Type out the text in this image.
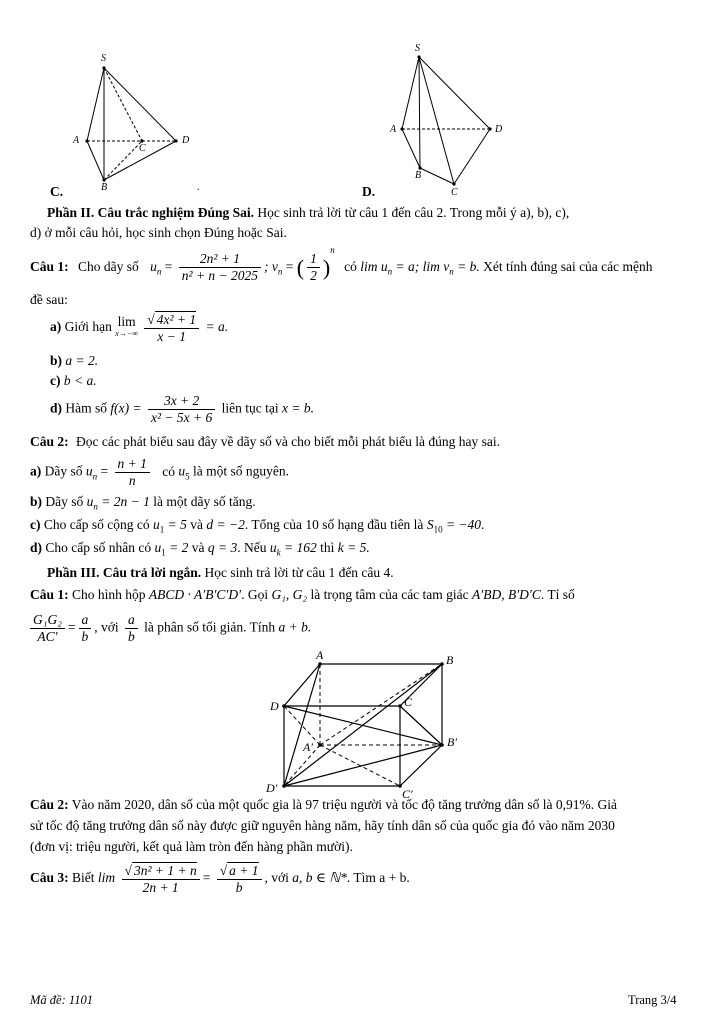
S
A
C
D
B
C.	.
S
A	D
B
C
D.
Phần II. Câu trắc nghiệm Đúng Sai. Học sinh trả lời từ câu 1 đến câu 2. Trong mỗi ý a), b), c),
d) ở mỗi câu hỏi, học sinh chọn Đúng hoặc Sai.
Câu 1: Cho dãy số $u_n = \frac{\text{2n² + 1}}{\text{n² + n − 2025}}$ ; $v_n$ = ( $\frac{1}{2} )^n$ có $\lim u_n = a$; $\lim v_n = b$. Xét tính đúng sai của các mệnh
đề sau:
a) Giới hạn lim
x→−∞
$\frac{\text{√ 4x² + 1}}{x - 1} = a$.
b) a = 2.
c) b < a.
d) Hàm số $f(x) = \frac{3x + 2}{\text{x² − 5x + 6}}$ liên tục tại x = b.
Câu 2: Đọc các phát biểu sau đây về dãy số và cho biết mỗi phát biểu là đúng hay sai.
a) Dãy số $u_n = \frac{n + 1}{n}$ có $u_5$ là một số nguyên.
b) Dãy số $u_n = 2n - 1$ là một dãy số tăng.
c) Cho cấp số cộng có $u_1 = 5$ và d = −2. Tổng của 10 số hạng đầu tiên là $S_{10} = -40$.
d) Cho cấp số nhân có $u_1 = 2$ và q = 3. Nếu $u_k = 162$ thì k = 5.
Phần III. Câu trả lời ngắn. Học sinh trả lời từ câu 1 đến câu 4.
Câu 1: Cho hình hộp ABCD · A′B′C′D′. Gọi G₁, G₂ là trọng tâm của các tam giác A′BD, B′D′C. Tỉ số
$\frac{\text{G₁G₂}}{AC'} = \frac{a}{b}$ , với $\frac{a}{b}$ là phân số tối giản. Tính a + b.
A	B
D	C
A′	B′
D′	C′
Câu 2: Vào năm 2020, dân số của một quốc gia là 97 triệu người và tốc độ tăng trưởng dân số là 0,91%. Giả
sử tốc độ tăng trưởng dân số này được giữ nguyên hàng năm, hãy tính dân số của quốc gia đó vào năm 2030
(đơn vị: triệu người, kết quả làm tròn đến hàng phần mười).
Câu 3: Biết $\lim \frac{\text{√ 3n² + 1 + n}}{2n + 1} = \frac{√ a + 1}{b}$ , với a, b ∈ ℕ*. Tìm a + b.
Mã đề: 1101	Trang 3/4
